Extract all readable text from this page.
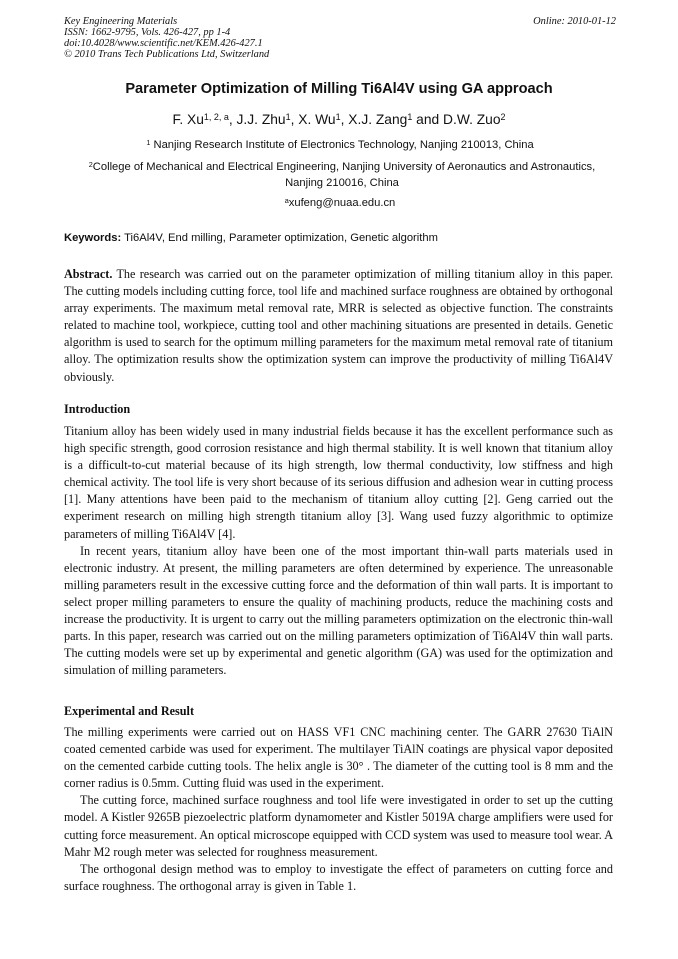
Key Engineering Materials
ISSN: 1662-9795, Vols. 426-427, pp 1-4
doi:10.4028/www.scientific.net/KEM.426-427.1
© 2010 Trans Tech Publications Ltd, Switzerland
Online: 2010-01-12
Parameter Optimization of Milling Ti6Al4V using GA approach
F. Xu$^{1, 2, a}$, J.J. Zhu$^1$, X. Wu$^1$, X.J. Zang$^1$ and D.W. Zuo$^2$
$^1$ Nanjing Research Institute of Electronics Technology, Nanjing 210013, China
$^2$College of Mechanical and Electrical Engineering, Nanjing University of Aeronautics and Astronautics, Nanjing 210016, China
$^a$xufeng@nuaa.edu.cn
Keywords: Ti6Al4V, End milling, Parameter optimization, Genetic algorithm

Abstract. The research was carried out on the parameter optimization of milling titanium alloy in this paper. The cutting models including cutting force, tool life and machined surface roughness are obtained by orthogonal array experiments. The maximum metal removal rate, MRR is selected as objective function. The constraints related to machine tool, workpiece, cutting tool and other machining situations are presented in details. Genetic algorithm is used to search for the optimum milling parameters for the maximum metal removal rate of titanium alloy. The optimization results show the optimization system can improve the productivity of milling Ti6Al4V obviously.

Introduction

Titanium alloy has been widely used in many industrial fields because it has the excellent performance such as high specific strength, good corrosion resistance and high thermal stability. It is well known that titanium alloy is a difficult-to-cut material because of its high strength, low thermal conductivity, low stiffness and high chemical activity. The tool life is very short because of its serious diffusion and adhesion wear in cutting process [1]. Many attentions have been paid to the mechanism of titanium alloy cutting [2]. Geng carried out the experiment research on milling high strength titanium alloy [3]. Wang used fuzzy algorithmic to optimize parameters of milling Ti6Al4V [4].

In recent years, titanium alloy have been one of the most important thin-wall parts materials used in electronic industry. At present, the milling parameters are often determined by experience. The unreasonable milling parameters result in the excessive cutting force and the deformation of thin wall parts. It is important to select proper milling parameters to ensure the quality of machining products, reduce the machining costs and increase the productivity. It is urgent to carry out the milling parameters optimization on the electronic thin-wall parts. In this paper, research was carried out on the milling parameters optimization of Ti6Al4V thin wall parts. The cutting models were set up by experimental and genetic algorithm (GA) was used for the optimization and simulation of milling parameters.

Experimental and Result

The milling experiments were carried out on HASS VF1 CNC machining center. The GARR 27630 TiAlN coated cemented carbide was used for experiment. The multilayer TiAlN coatings are physical vapor deposited on the cemented carbide cutting tools. The helix angle is 30° . The diameter of the cutting tool is 8 mm and the corner radius is 0.5mm. Cutting fluid was used in the experiment.

The cutting force, machined surface roughness and tool life were investigated in order to set up the cutting model. A Kistler 9265B piezoelectric platform dynamometer and Kistler 5019A charge amplifiers were used for cutting force measurement. An optical microscope equipped with CCD system was used to measure tool wear. A Mahr M2 rough meter was selected for roughness measurement.

The orthogonal design method was to employ to investigate the effect of parameters on cutting force and surface roughness. The orthogonal array is given in Table 1.
